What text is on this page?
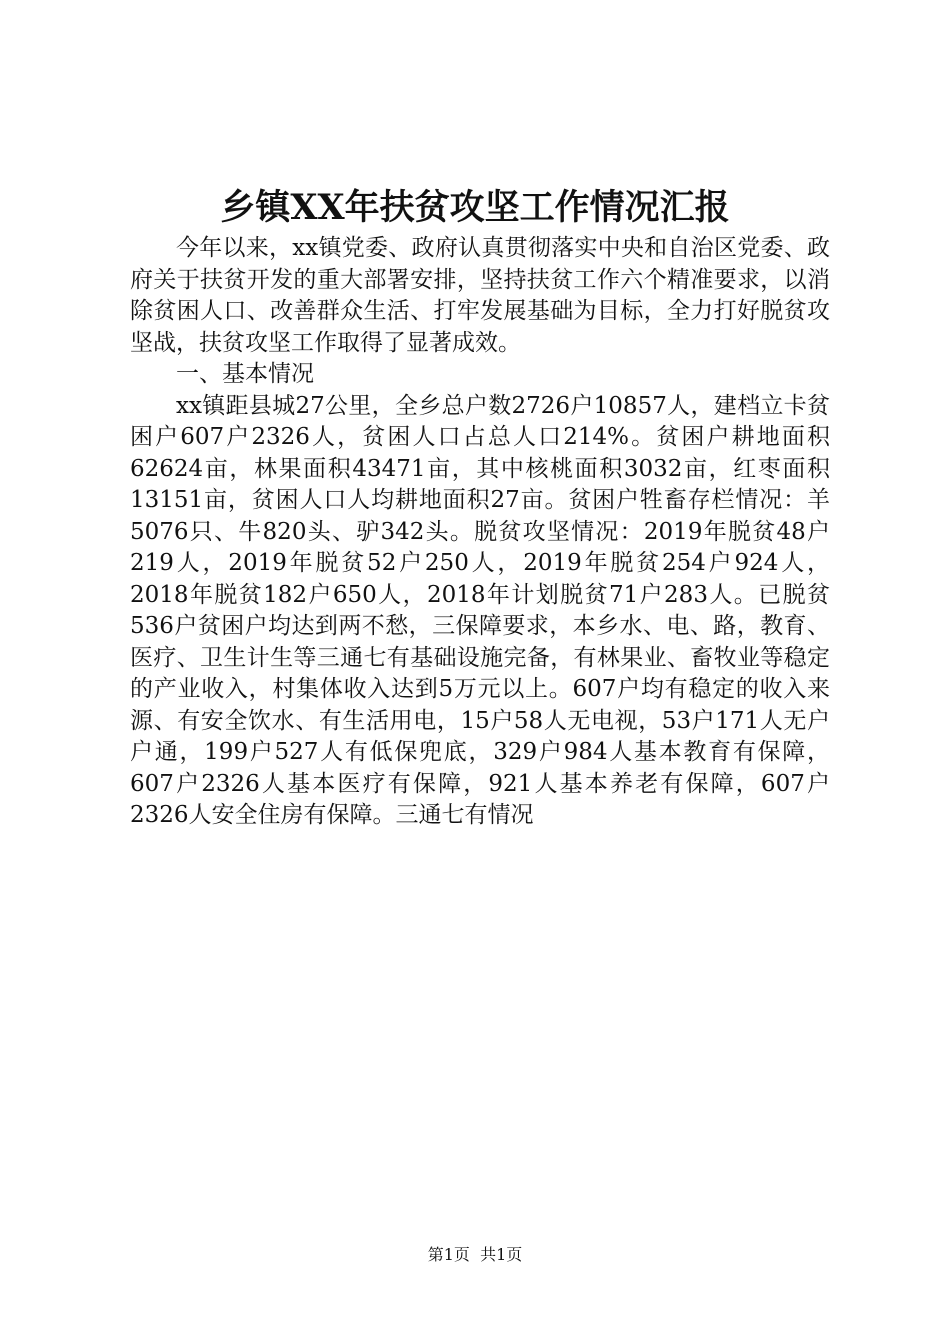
乡镇XX年扶贫攻坚工作情况汇报

今年以来，xx镇党委、政府认真贯彻落实中央和自治区党委、政府关于扶贫开发的重大部署安排，坚持扶贫工作六个精准要求，以消除贫困人口、改善群众生活、打牢发展基础为目标，全力打好脱贫攻坚战，扶贫攻坚工作取得了显著成效。

一、基本情况

xx镇距县城27公里，全乡总户数2726户10857人，建档立卡贫困户607户2326人，贫困人口占总人口214%。贫困户耕地面积62624亩，林果面积43471亩，其中核桃面积3032亩，红枣面积13151亩，贫困人口人均耕地面积27亩。贫困户牲畜存栏情况：羊5076只、牛820头、驴342头。脱贫攻坚情况：2019年脱贫48户219人，2019年脱贫52户250人，2019年脱贫254户924人，2018年脱贫182户650人，2018年计划脱贫71户283人。已脱贫536户贫困户均达到两不愁，三保障要求，本乡水、电、路，教育、医疗、卫生计生等三通七有基础设施完备，有林果业、畜牧业等稳定的产业收入，村集体收入达到5万元以上。607户均有稳定的收入来源、有安全饮水、有生活用电，15户58人无电视，53户171人无户户通，199户527人有低保兜底，329户984人基本教育有保障，607户2326人基本医疗有保障，921人基本养老有保障，607户2326人安全住房有保障。三通七有情况

第1页  共1页
